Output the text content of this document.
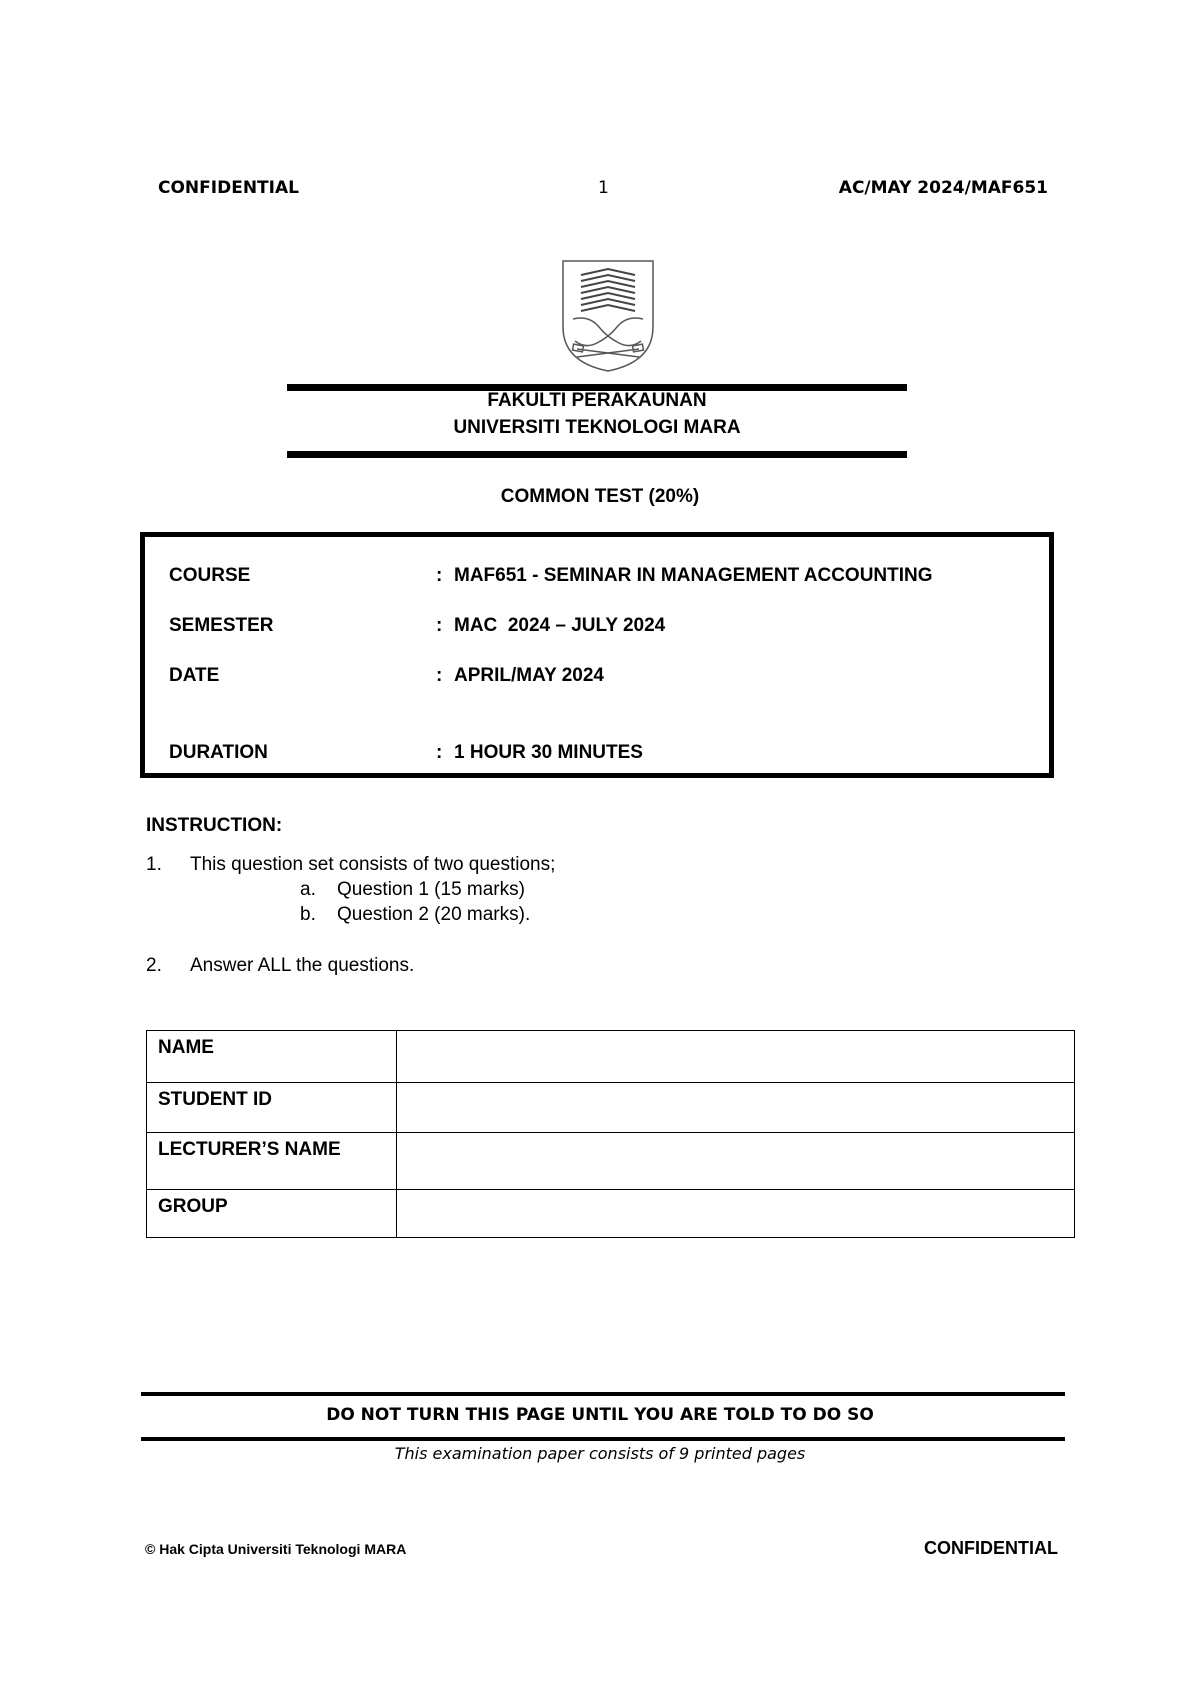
CONFIDENTIAL	1	AC/MAY 2024/MAF651
FAKULTI PERAKAUNAN
UNIVERSITI TEKNOLOGI MARA
COMMON TEST (20%)
COURSE	: MAF651 - SEMINAR IN MANAGEMENT ACCOUNTING
SEMESTER	: MAC  2024 – JULY 2024
DATE	: APRIL/MAY 2024
DURATION	: 1 HOUR 30 MINUTES
INSTRUCTION:
1. This question set consists of two questions;
a. Question 1 (15 marks)
b. Question 2 (20 marks).
2. Answer ALL the questions.
NAME	
STUDENT ID	
LECTURER’S NAME	
GROUP	
DO NOT TURN THIS PAGE UNTIL YOU ARE TOLD TO DO SO
This examination paper consists of 9 printed pages
© Hak Cipta Universiti Teknologi MARA	CONFIDENTIAL
